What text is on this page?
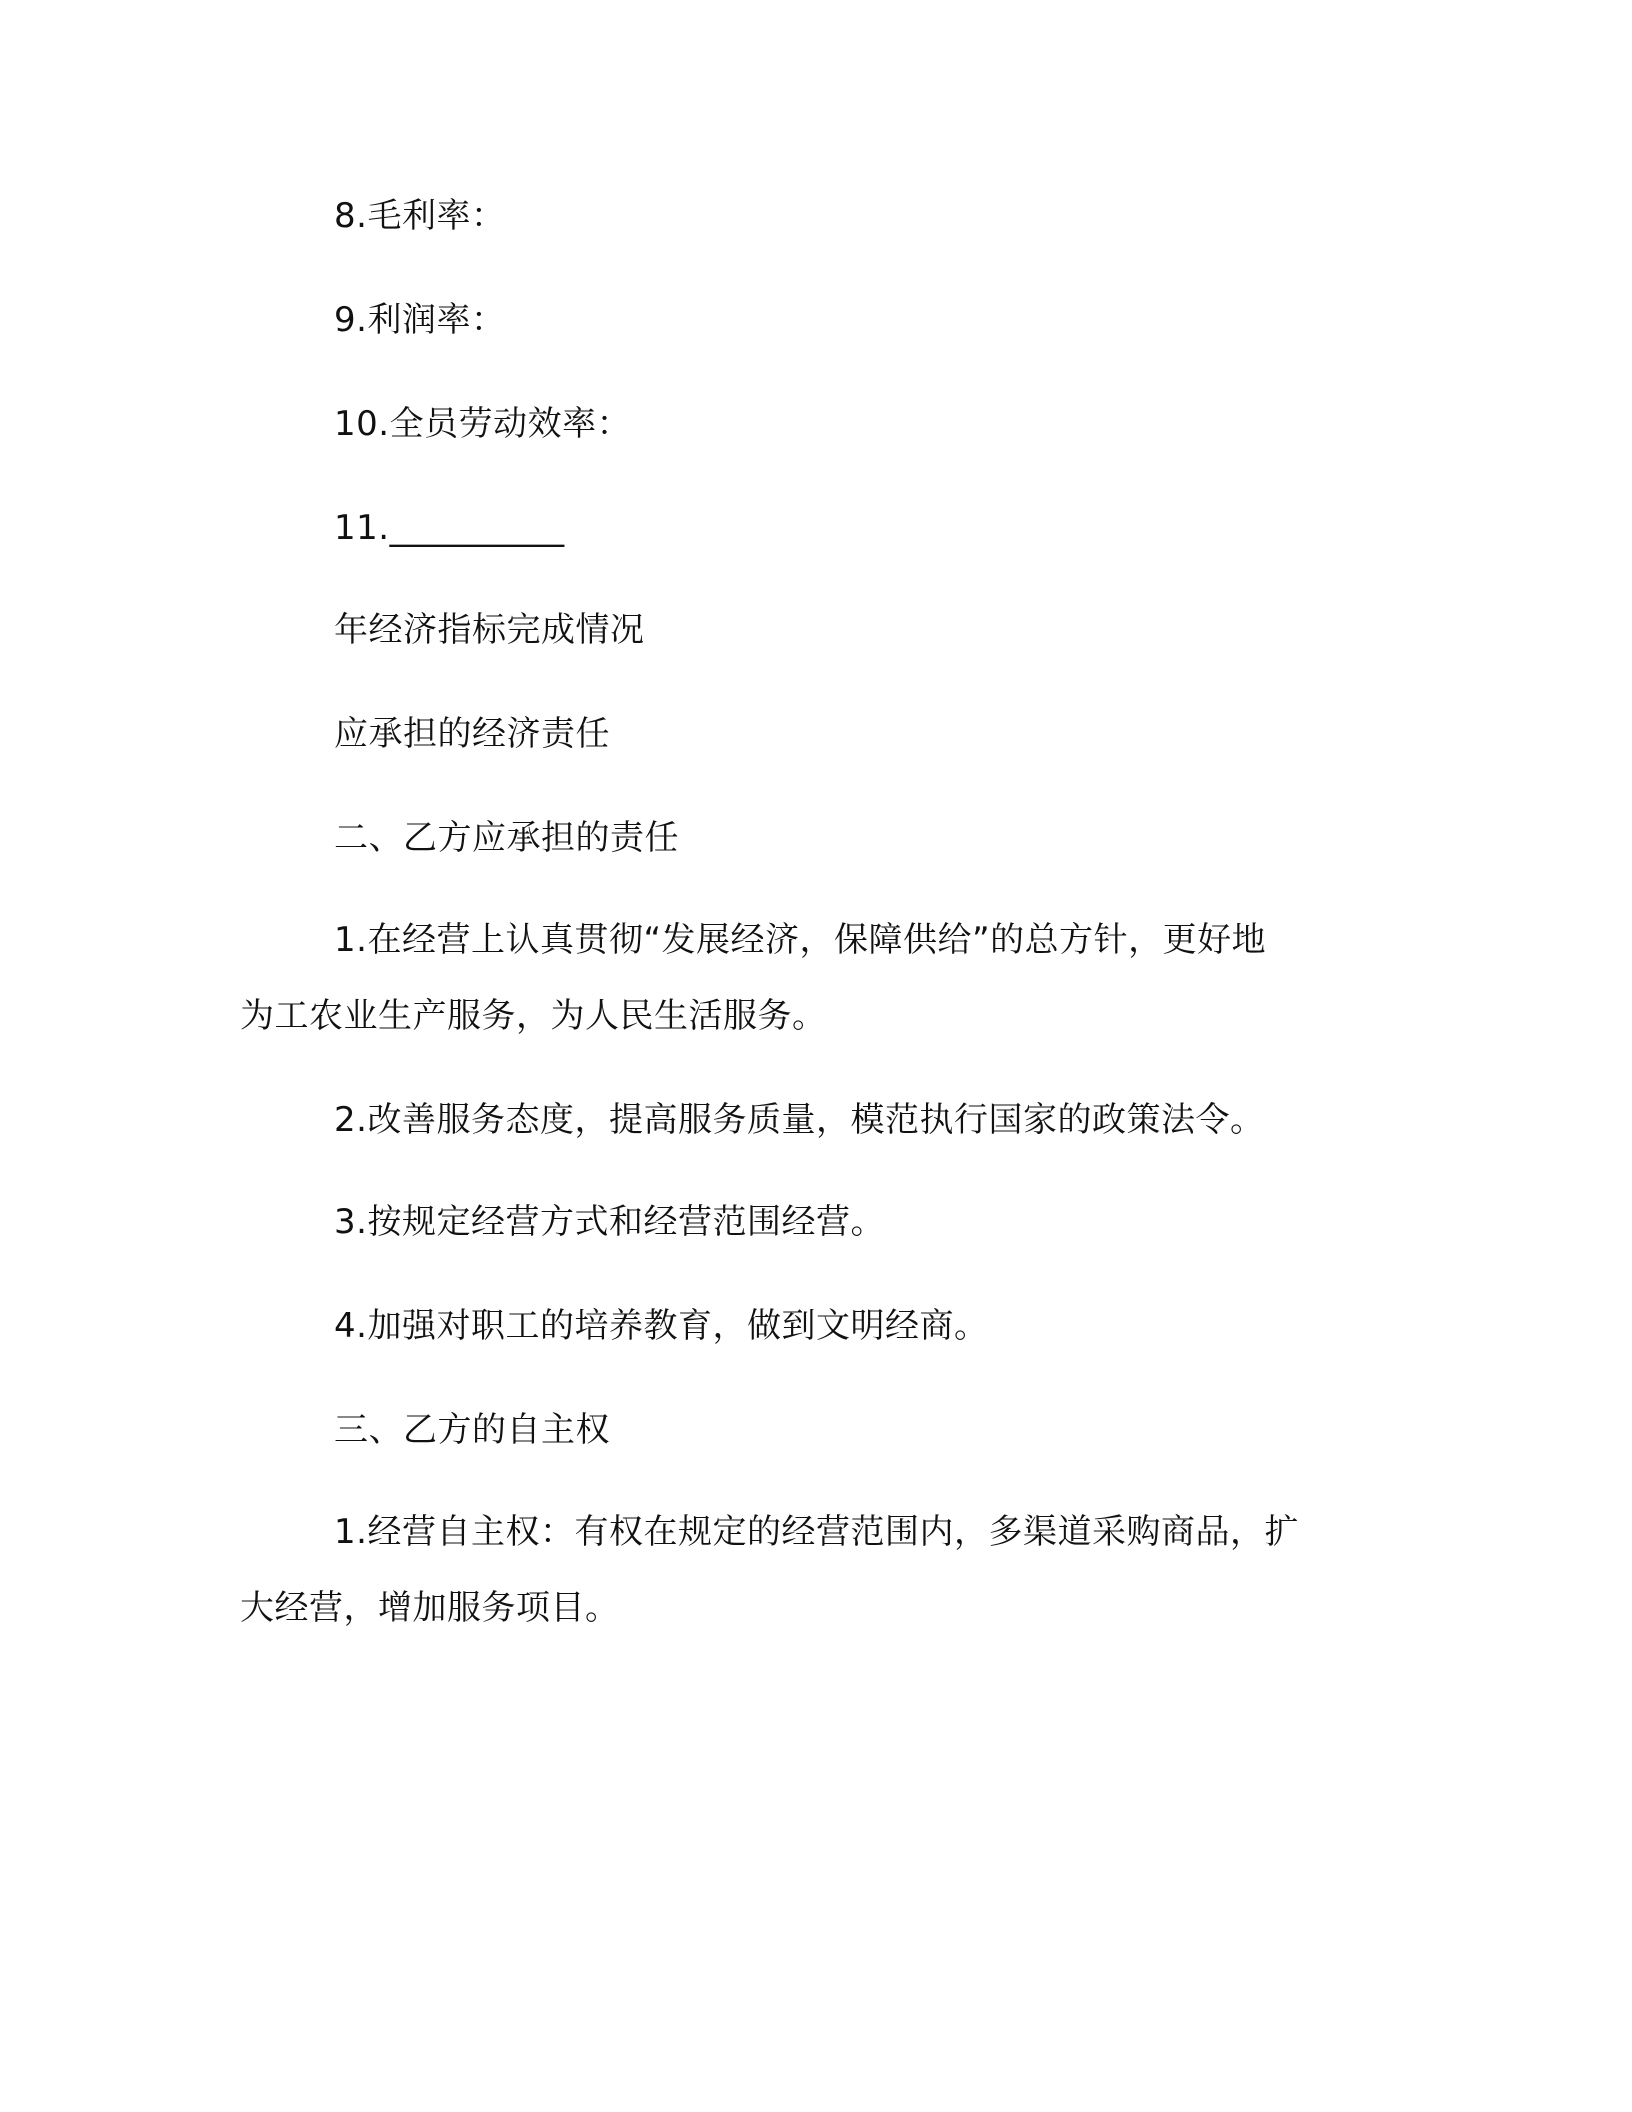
8.毛利率：

9.利润率：

10.全员劳动效率：

11.__________

年经济指标完成情况

应承担的经济责任

二、乙方应承担的责任

1.在经营上认真贯彻“发展经济，保障供给”的总方针，更好地

为工农业生产服务，为人民生活服务。

2.改善服务态度，提高服务质量，模范执行国家的政策法令。

3.按规定经营方式和经营范围经营。

4.加强对职工的培养教育，做到文明经商。

三、乙方的自主权

1.经营自主权：有权在规定的经营范围内，多渠道采购商品，扩

大经营，增加服务项目。
